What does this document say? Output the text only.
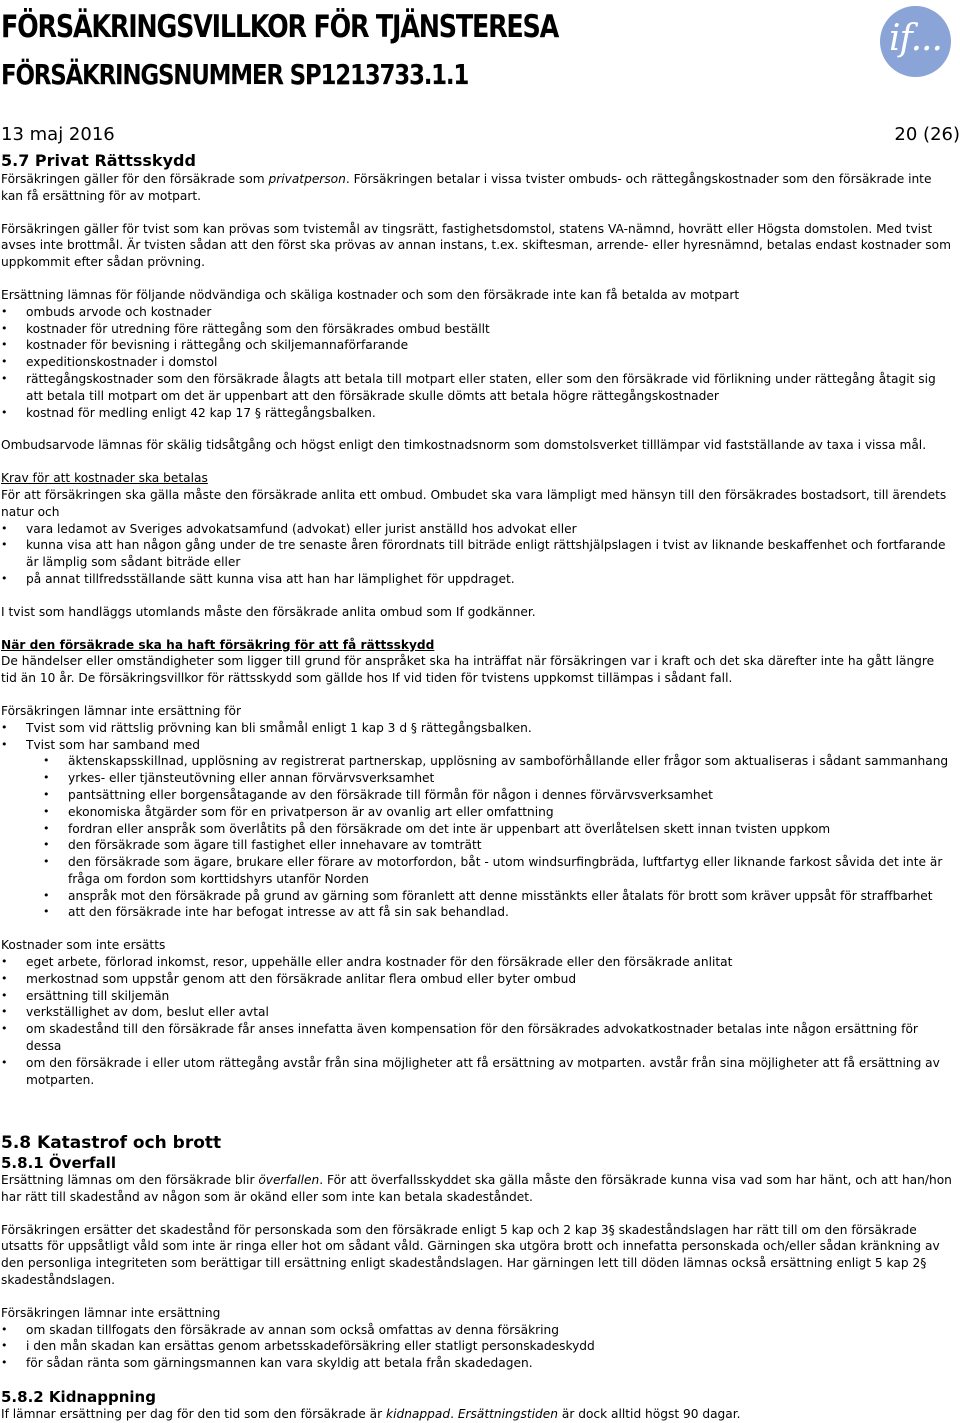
FÖRSÄKRINGSVILLKOR FÖR TJÄNSTERESA
FÖRSÄKRINGSNUMMER SP1213733.1.1
if...
13 maj 2016	20 (26)
5.7 Privat Rättsskydd

Försäkringen gäller för den försäkrade som privatperson. Försäkringen betalar i vissa tvister ombuds- och rättegångskostnader som den försäkrade inte kan få ersättning för av motpart.

Försäkringen gäller för tvist som kan prövas som tvistemål av tingsrätt, fastighetsdomstol, statens VA-nämnd, hovrätt eller Högsta domstolen. Med tvist avses inte brottmål. Är tvisten sådan att den först ska prövas av annan instans, t.ex. skiftesman, arrende- eller hyresnämnd, betalas endast kostnader som uppkommit efter sådan prövning.

Ersättning lämnas för följande nödvändiga och skäliga kostnader och som den försäkrade inte kan få betalda av motpart

• ombuds arvode och kostnader
• kostnader för utredning före rättegång som den försäkrades ombud beställt
• kostnader för bevisning i rättegång och skiljemannaförfarande
• expeditionskostnader i domstol
• rättegångskostnader som den försäkrade ålagts att betala till motpart eller staten, eller som den försäkrade vid förlikning under rättegång åtagit sig att betala till motpart om det är uppenbart att den försäkrade skulle dömts att betala högre rättegångskostnader
• kostnad för medling enligt 42 kap 17 § rättegångsbalken.

Ombudsarvode lämnas för skälig tidsåtgång och högst enligt den timkostnadsnorm som domstolsverket tilllämpar vid fastställande av taxa i vissa mål.

Krav för att kostnader ska betalas

För att försäkringen ska gälla måste den försäkrade anlita ett ombud. Ombudet ska vara lämpligt med hänsyn till den försäkrades bostadsort, till ärendets natur och

• vara ledamot av Sveriges advokatsamfund (advokat) eller jurist anställd hos advokat eller
• kunna visa att han någon gång under de tre senaste åren förordnats till biträde enligt rättshjälpslagen i tvist av liknande beskaffenhet och fortfarande är lämplig som sådant biträde eller
• på annat tillfredsställande sätt kunna visa att han har lämplighet för uppdraget.

I tvist som handläggs utomlands måste den försäkrade anlita ombud som If godkänner.

När den försäkrade ska ha haft försäkring för att få rättsskydd

De händelser eller omständigheter som ligger till grund för anspråket ska ha inträffat när försäkringen var i kraft och det ska därefter inte ha gått längre tid än 10 år. De försäkringsvillkor för rättsskydd som gällde hos If vid tiden för tvistens uppkomst tillämpas i sådant fall.

Försäkringen lämnar inte ersättning för

• Tvist som vid rättslig prövning kan bli småmål enligt 1 kap 3 d § rättegångsbalken.
• Tvist som har samband med
• äktenskapsskillnad, upplösning av registrerat partnerskap, upplösning av samboförhållande eller frågor som aktualiseras i sådant sammanhang
• yrkes- eller tjänsteutövning eller annan förvärvsverksamhet
• pantsättning eller borgensåtagande av den försäkrade till förmån för någon i dennes förvärvsverksamhet
• ekonomiska åtgärder som för en privatperson är av ovanlig art eller omfattning
• fordran eller anspråk som överlåtits på den försäkrade om det inte är uppenbart att överlåtelsen skett innan tvisten uppkom
• den försäkrade som ägare till fastighet eller innehavare av tomträtt
• den försäkrade som ägare, brukare eller förare av motorfordon, båt - utom windsurfingbräda, luftfartyg eller liknande farkost såvida det inte är fråga om fordon som korttidshyrs utanför Norden
• anspråk mot den försäkrade på grund av gärning som föranlett att denne misstänkts eller åtalats för brott som kräver uppsåt för straffbarhet
• att den försäkrade inte har befogat intresse av att få sin sak behandlad.

Kostnader som inte ersätts

• eget arbete, förlorad inkomst, resor, uppehälle eller andra kostnader för den försäkrade eller den försäkrade anlitat
• merkostnad som uppstår genom att den försäkrade anlitar flera ombud eller byter ombud
• ersättning till skiljemän
• verkställighet av dom, beslut eller avtal
• om skadestånd till den försäkrade får anses innefatta även kompensation för den försäkrades advokatkostnader betalas inte någon ersättning för dessa
• om den försäkrade i eller utom rättegång avstår från sina möjligheter att få ersättning av motparten. avstår från sina möjligheter att få ersättning av motparten.
5.8 Katastrof och brott
5.8.1 Överfall

Ersättning lämnas om den försäkrade blir överfallen. För att överfallsskyddet ska gälla måste den försäkrade kunna visa vad som har hänt, och att han/hon har rätt till skadestånd av någon som är okänd eller som inte kan betala skadeståndet.

Försäkringen ersätter det skadestånd för personskada som den försäkrade enligt 5 kap och 2 kap 3§ skadeståndslagen har rätt till om den försäkrade utsatts för uppsåtligt våld som inte är ringa eller hot om sådant våld. Gärningen ska utgöra brott och innefatta personskada och/eller sådan kränkning av den personliga integriteten som berättigar till ersättning enligt skadeståndslagen. Har gärningen lett till döden lämnas också ersättning enligt 5 kap 2§ skadeståndslagen.

Försäkringen lämnar inte ersättning

• om skadan tillfogats den försäkrade av annan som också omfattas av denna försäkring
• i den mån skadan kan ersättas genom arbetsskadeförsäkring eller statligt personskadeskydd
• för sådan ränta som gärningsmannen kan vara skyldig att betala från skadedagen.
5.8.2 Kidnappning

If lämnar ersättning per dag för den tid som den försäkrade är kidnappad. Ersättningstiden är dock alltid högst 90 dagar.
